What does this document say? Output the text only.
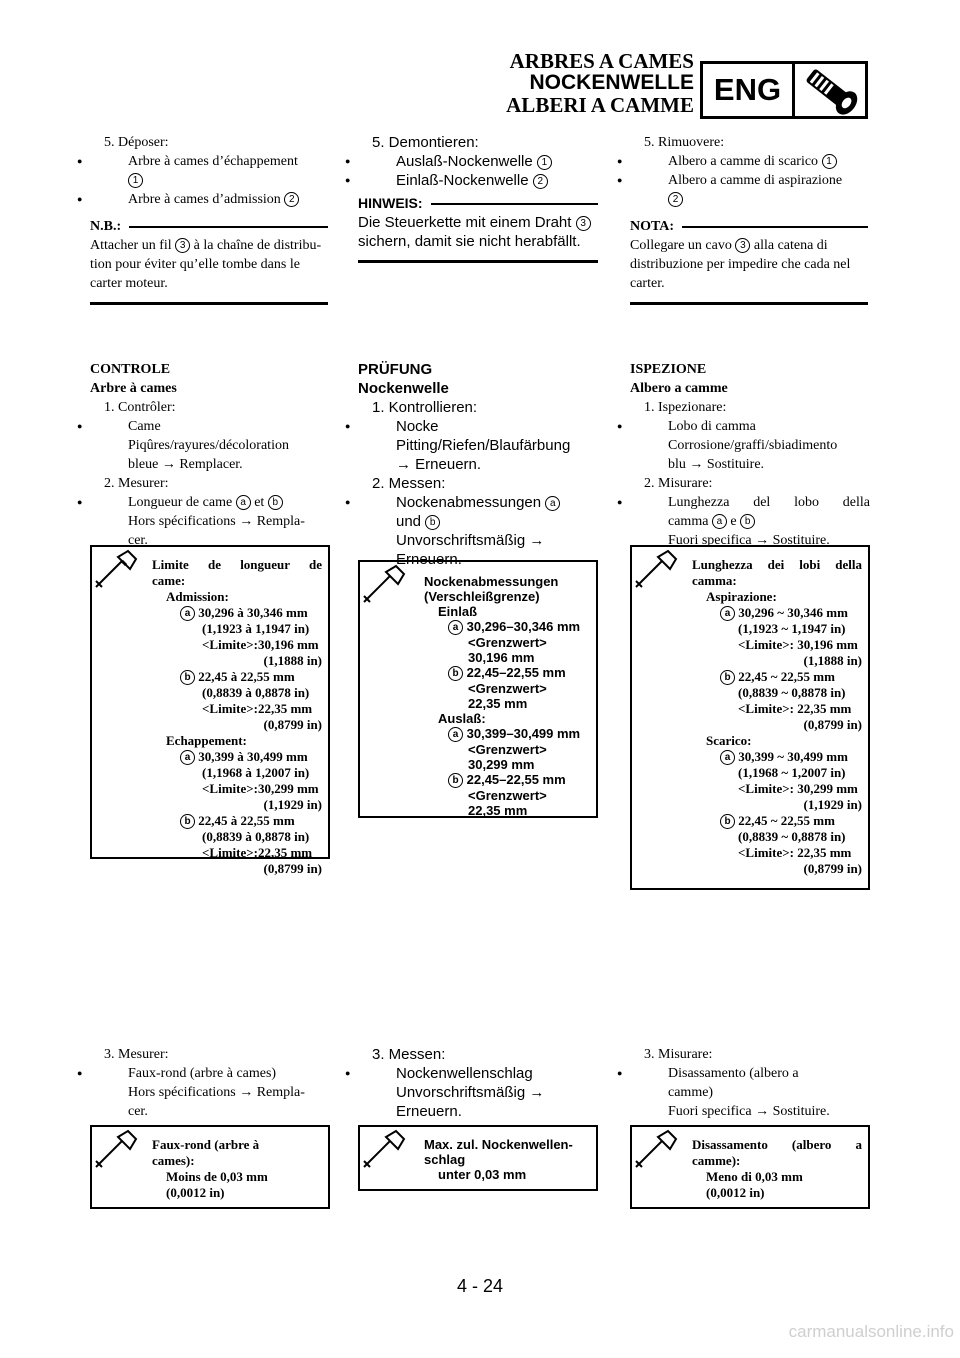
ARBRES A CAMES
NOCKENWELLE
ALBERI A CAMME ENG
5. Déposer:
● Arbre à cames d’échappement
1
● Arbre à cames d’admission 2
N.B.:
Attacher un fil 3 à la chaîne de distribu-
tion pour éviter qu’elle tombe dans le
carter moteur.
CONTROLE
Arbre à cames
1. Contrôler:
● Came
Piqûres/rayures/décoloration
bleue → Remplacer.
2. Mesurer:
● Longueur de came a et b
Hors spécifications → Rempla-
cer.
Limite de longueur de
came:
Admission:
a 30,296 à 30,346 mm
(1,1923 à 1,1947 in)
<Limite>:30,196 mm
(1,1888 in)
b 22,45 à 22,55 mm
(0,8839 à 0,8878 in)
<Limite>:22,35 mm
(0,8799 in)
Echappement:
a 30,399 à 30,499 mm
(1,1968 à 1,2007 in)
<Limite>:30,299 mm
(1,1929 in)
b 22,45 à 22,55 mm
(0,8839 à 0,8878 in)
<Limite>:22,35 mm
(0,8799 in)
3. Mesurer:
● Faux-rond (arbre à cames)
Hors spécifications → Rempla-
cer.
Faux-rond (arbre à
cames):
Moins de 0,03 mm
(0,0012 in)
5. Demontieren:
● Auslaß-Nockenwelle 1
● Einlaß-Nockenwelle 2
HINWEIS:
Die Steuerkette mit einem Draht 3
sichern, damit sie nicht herabfällt.
PRÜFUNG
Nockenwelle
1. Kontrollieren:
● Nocke
Pitting/Riefen/Blaufärbung
→ Erneuern.
2. Messen:
● Nockenabmessungen a
und b
Unvorschriftsmäßig →
Erneuern.
Nockenabmessungen
(Verschleißgrenze)
Einlaß
a 30,296–30,346 mm
<Grenzwert>
30,196 mm
b 22,45–22,55 mm
<Grenzwert>
22,35 mm
Auslaß:
a 30,399–30,499 mm
<Grenzwert>
30,299 mm
b 22,45–22,55 mm
<Grenzwert>
22,35 mm
3. Messen:
● Nockenwellenschlag
Unvorschriftsmäßig →
Erneuern.
Max. zul. Nockenwellen-
schlag
unter 0,03 mm
5. Rimuovere:
● Albero a camme di scarico 1
● Albero a camme di aspirazione
2
NOTA:
Collegare un cavo 3 alla catena di
distribuzione per impedire che cada nel
carter.
ISPEZIONE
Albero a camme
1. Ispezionare:
● Lobo di camma
Corrosione/graffi/sbiadimento
blu → Sostituire.
2. Misurare:
● Lunghezza del lobo della
camma a e b
Fuori specifica → Sostituire.
Lunghezza dei lobi della
camma:
Aspirazione:
a 30,296 ~ 30,346 mm
(1,1923 ~ 1,1947 in)
<Limite>: 30,196 mm
(1,1888 in)
b 22,45 ~ 22,55 mm
(0,8839 ~ 0,8878 in)
<Limite>: 22,35 mm
(0,8799 in)
Scarico:
a 30,399 ~ 30,499 mm
(1,1968 ~ 1,2007 in)
<Limite>: 30,299 mm
(1,1929 in)
b 22,45 ~ 22,55 mm
(0,8839 ~ 0,8878 in)
<Limite>: 22,35 mm
(0,8799 in)
3. Misurare:
● Disassamento (albero a
camme)
Fuori specifica → Sostituire.
Disassamento (albero a
camme):
Meno di 0,03 mm
(0,0012 in)
4 - 24
carmanualsonline.info
